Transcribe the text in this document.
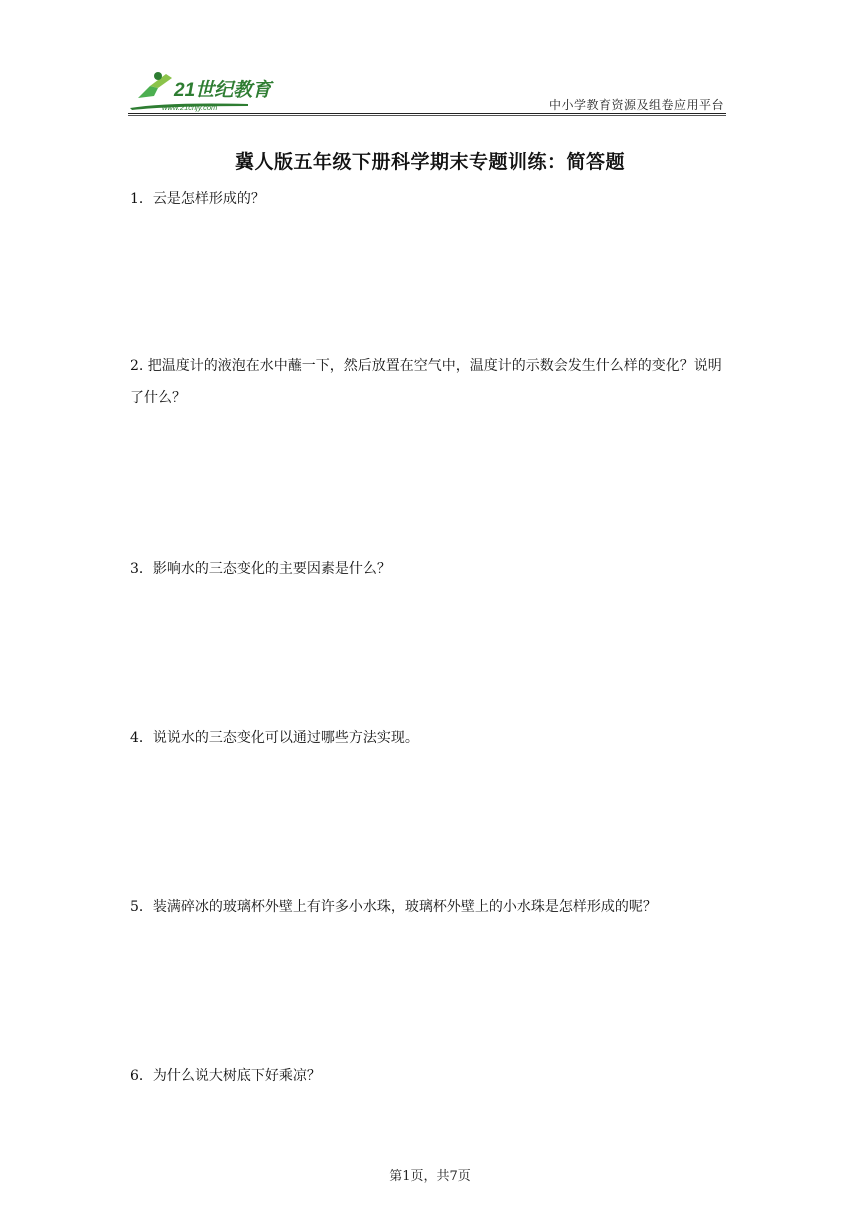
21世纪教育
www.21cnjy.com	中小学教育资源及组卷应用平台
冀人版五年级下册科学期末专题训练：简答题
1．云是怎样形成的？
2. 把温度计的液泡在水中蘸一下，然后放置在空气中，温度计的示数会发生什么样的变化？说明了什么？
3．影响水的三态变化的主要因素是什么？
4．说说水的三态变化可以通过哪些方法实现。
5．装满碎冰的玻璃杯外壁上有许多小水珠，玻璃杯外壁上的小水珠是怎样形成的呢？
6．为什么说大树底下好乘凉？
第1页，共7页
